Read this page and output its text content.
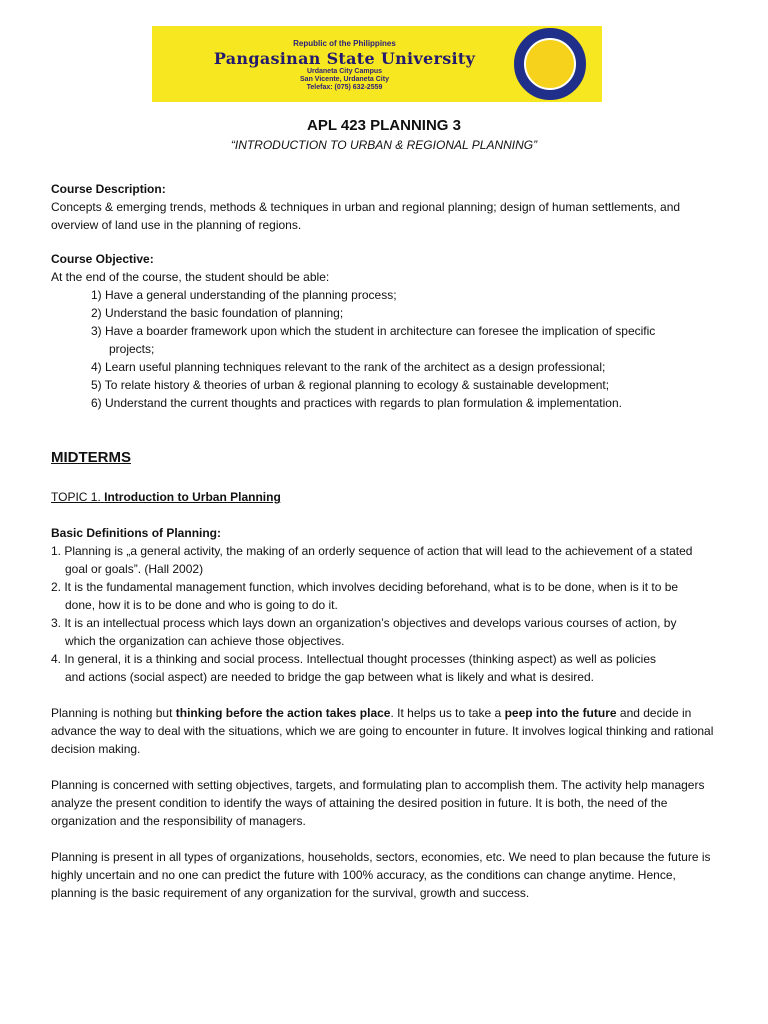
Republic of the Philippines
Pangasinan State University
Urdaneta City Campus
San Vicente, Urdaneta City
Telefax: (075) 632-2559
APL 423 PLANNING 3
“INTRODUCTION TO URBAN & REGIONAL PLANNING”
Course Description:
Concepts & emerging trends, methods & techniques in urban and regional planning; design of human settlements, and overview of land use in the planning of regions.
Course Objective:
At the end of the course, the student should be able:
1) Have a general understanding of the planning process;
2) Understand the basic foundation of planning;
3) Have a boarder framework upon which the student in architecture can foresee the implication of specific
projects;
4) Learn useful planning techniques relevant to the rank of the architect as a design professional;
5) To relate history & theories of urban & regional planning to ecology & sustainable development;
6) Understand the current thoughts and practices with regards to plan formulation & implementation.
MIDTERMS
TOPIC 1. Introduction to Urban Planning
Basic Definitions of Planning:
1. Planning is „a general activity, the making of an orderly sequence of action that will lead to the achievement of a stated
goal or goals”. (Hall 2002)
2. It is the fundamental management function, which involves deciding beforehand, what is to be done, when is it to be
done, how it is to be done and who is going to do it.
3. It is an intellectual process which lays down an organization’s objectives and develops various courses of action, by
which the organization can achieve those objectives.
4. In general, it is a thinking and social process. Intellectual thought processes (thinking aspect) as well as policies
and actions (social aspect) are needed to bridge the gap between what is likely and what is desired.
Planning is nothing but thinking before the action takes place. It helps us to take a peep into the future and decide in advance the way to deal with the situations, which we are going to encounter in future. It involves logical thinking and rational decision making.
Planning is concerned with setting objectives, targets, and formulating plan to accomplish them. The activity help managers analyze the present condition to identify the ways of attaining the desired position in future. It is both, the need of the organization and the responsibility of managers.
Planning is present in all types of organizations, households, sectors, economies, etc. We need to plan because the future is highly uncertain and no one can predict the future with 100% accuracy, as the conditions can change anytime. Hence, planning is the basic requirement of any organization for the survival, growth and success.
